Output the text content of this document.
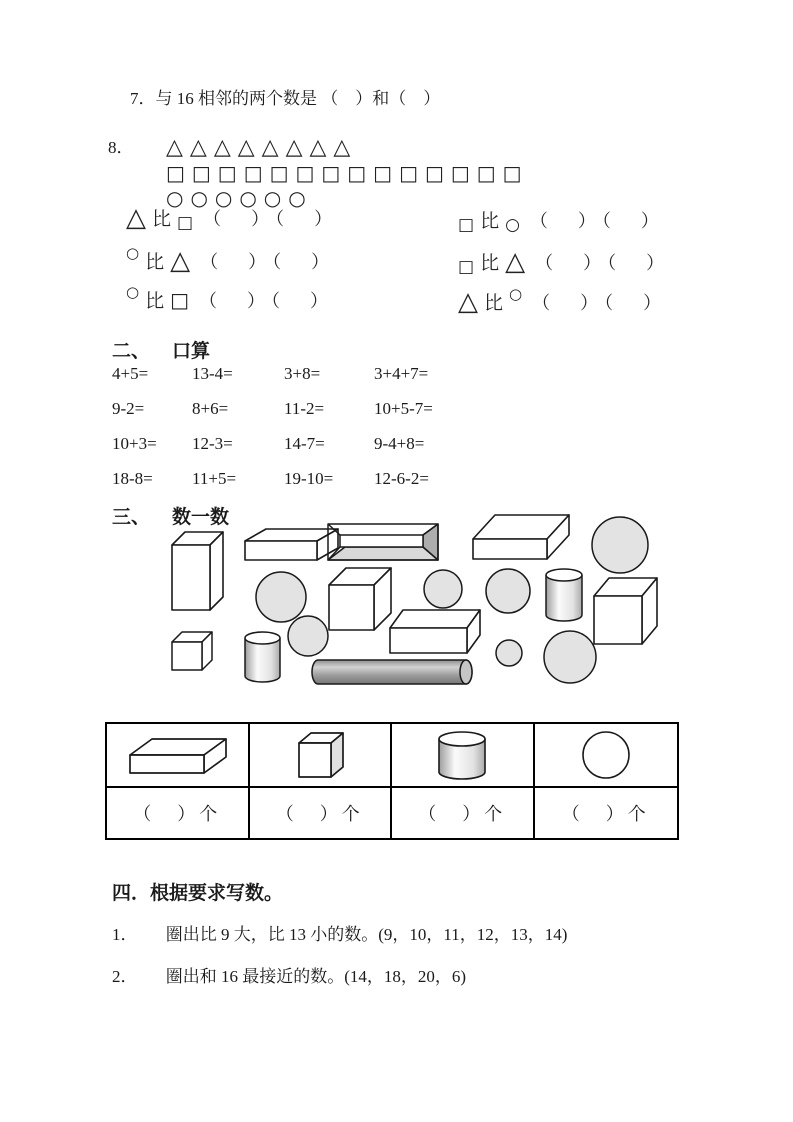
7．与 16 相邻的两个数是 （　）和（　）
8． △△△△△△△△
□□□□□□□□□□□□□□
○○○○○○
△ 比 □ （　）（　）
○ 比 △ （　）（　）
○ 比 □ （　）（　）
□ 比 ○ （　）（　）
□ 比 △ （　）（　）
△ 比 ○ （　）（　）
二、 口算
4+5=	13-4=	3+8=	3+4+7=
9-2=	8+6=	11-2=	10+5-7=
10+3=	12-3=	14-7=	9-4+8=
18-8=	11+5=	19-10=	12-6-2=
三、 数一数
（　）个	（　）个	（　）个	（　）个
四．根据要求写数。
1． 圈出比 9 大，比 13 小的数。(9，10，11，12，13，14)
2． 圈出和 16 最接近的数。(14，18，20，6)
